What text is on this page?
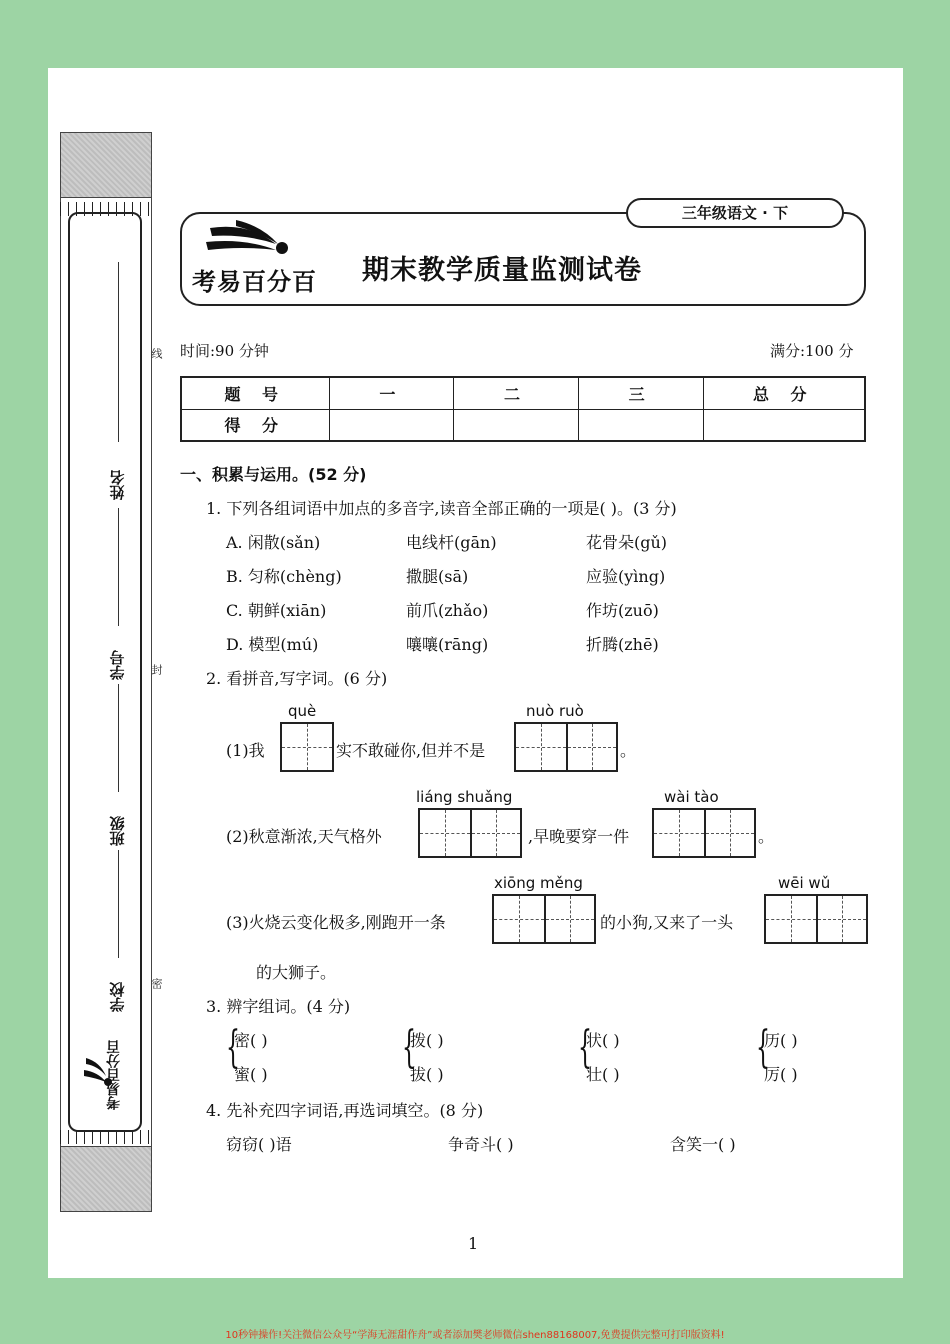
姓名
学号
班级
学校
线
封
密
考易百分百
考易百分百 期末教学质量监测试卷
三年级语文 · 下
时间:90 分钟	满分:100 分
题 号	一	二	三	总 分
得 分				
一、积累与运用。(52 分)
1. 下列各组词语中加点的多音字,读音全部正确的一项是( )。(3 分)
A. 闲散(sǎn)	电线杆(gān)	花骨朵(gǔ)
B. 匀称(chèng)	撒腿(sā)	应验(yìng)
C. 朝鲜(xiān)	前爪(zhǎo)	作坊(zuō)
D. 模型(mú)	嚷嚷(rāng)	折腾(zhē)
2. 看拼音,写字词。(6 分)
què
(1)我	实不敢碰你,但并不是
nuò ruò
。
liáng shuǎng
(2)秋意渐浓,天气格外	,早晚要穿一件
wài tào
。
xiōng měng
(3)火烧云变化极多,刚跑开一条	的小狗,又来了一头
wēi wǔ
的大狮子。
3. 辨字组词。(4 分)
{
密( )
蜜( )
{
拨( )
拔( )
{
状( )
壮( )
{
历( )
厉( )
4. 先补充四字词语,再选词填空。(8 分)
窃窃( )语	争奇斗( )	含笑一( )
1
10秒钟操作!关注微信公众号“学海无涯甜作舟”或者添加樊老师微信shen88168007,免费提供完整可打印版资料!
